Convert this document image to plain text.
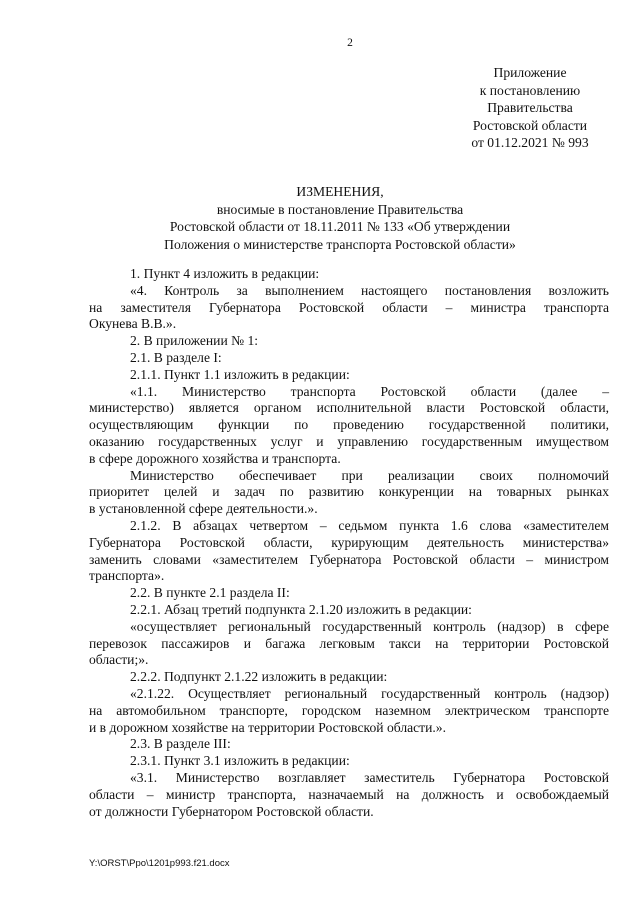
2
Приложение
к постановлению
Правительства
Ростовской области
от 01.12.2021 № 993
ИЗМЕНЕНИЯ,
вносимые в постановление Правительства
Ростовской области от 18.11.2011 № 133 «Об утверждении
Положения о министерстве транспорта Ростовской области»
1. Пункт 4 изложить в редакции:
«4. Контроль за выполнением настоящего постановления возложить
на заместителя Губернатора Ростовской области – министра транспорта
Окунева В.В.».
2. В приложении № 1:
2.1. В разделе I:
2.1.1. Пункт 1.1 изложить в редакции:
«1.1. Министерство транспорта Ростовской области (далее –
министерство) является органом исполнительной власти Ростовской области,
осуществляющим функции по проведению государственной политики,
оказанию государственных услуг и управлению государственным имуществом
в сфере дорожного хозяйства и транспорта.
Министерство обеспечивает при реализации своих полномочий
приоритет целей и задач по развитию конкуренции на товарных рынках
в установленной сфере деятельности.».
2.1.2. В абзацах четвертом – седьмом пункта 1.6 слова «заместителем
Губернатора Ростовской области, курирующим деятельность министерства»
заменить словами «заместителем Губернатора Ростовской области – министром
транспорта».
2.2. В пункте 2.1 раздела II:
2.2.1. Абзац третий подпункта 2.1.20 изложить в редакции:
«осуществляет региональный государственный контроль (надзор) в сфере
перевозок пассажиров и багажа легковым такси на территории Ростовской
области;».
2.2.2. Подпункт 2.1.22 изложить в редакции:
«2.1.22. Осуществляет региональный государственный контроль (надзор)
на автомобильном транспорте, городском наземном электрическом транспорте
и в дорожном хозяйстве на территории Ростовской области.».
2.3. В разделе III:
2.3.1. Пункт 3.1 изложить в редакции:
«3.1. Министерство возглавляет заместитель Губернатора Ростовской
области – министр транспорта, назначаемый на должность и освобождаемый
от должности Губернатором Ростовской области.
Y:\ORST\Ppo\1201p993.f21.docx
